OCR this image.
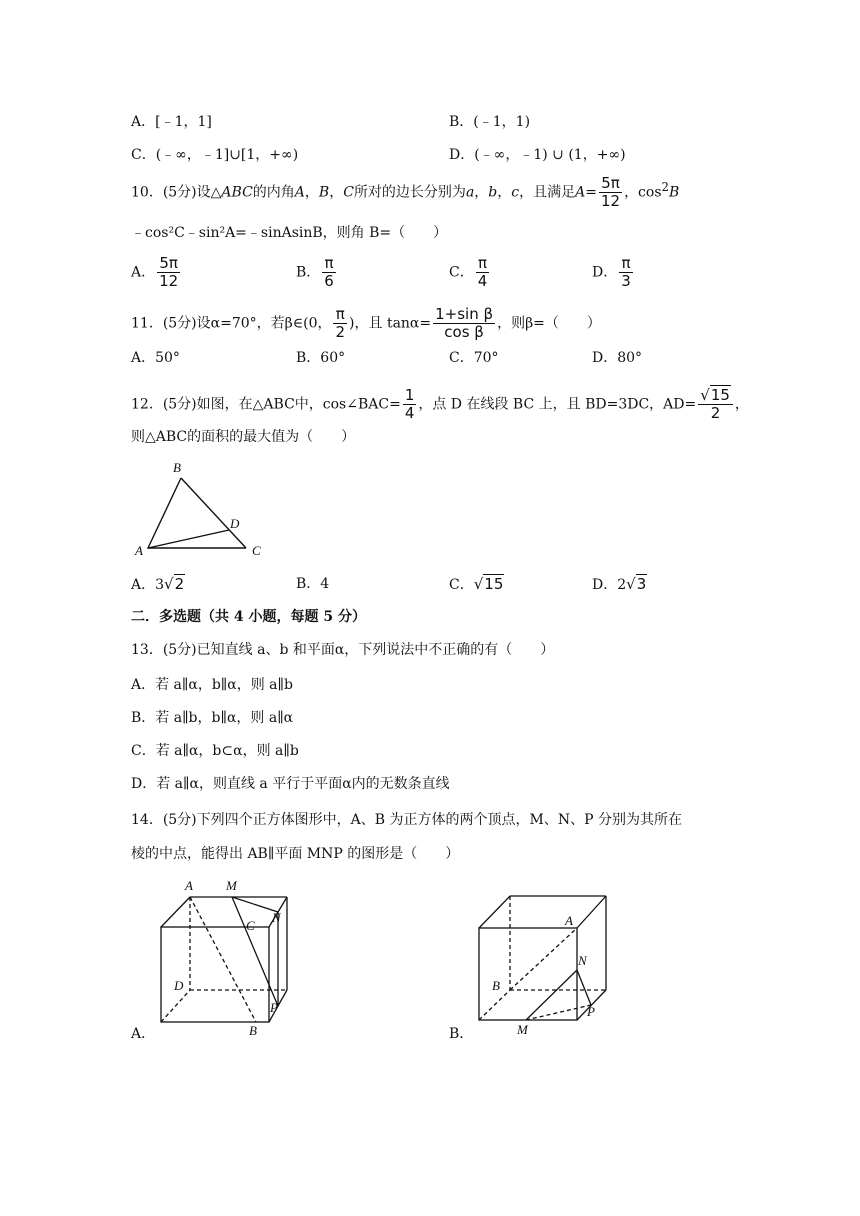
A．[﹣1，1]	B．(﹣1，1)
C．(﹣∞，﹣1]∪[1，+∞)	D．(﹣∞，﹣1) ∪ (1，+∞)
10．(5分)设△ABC的内角A，B，C所对的边长分别为a，b，c，且满足$A= \frac{5\pi}{12}$ ，$\cos^2B$
﹣cos²C﹣sin²A=﹣sinAsinB，则角 B=（　　）
A． $\frac{5\pi}{12}$	B． $\frac{\pi}{6}$	C． $\frac{\pi}{4}$	D． $\frac{\pi}{3}$
11．(5分)设α=70°，若β∈(0， $\frac{\pi}{2}$ )，且 $\tan\alpha= \frac{\text{1+sin β}}{\text{cos β}}$ ，则β=（　　）
A．50°	B．60°	C．70°	D．80°
12．(5分)如图，在△ABC中，cos∠BAC= $\frac{1}{4}$ ，点 D 在线段 BC 上，且 BD=3DC，$AD= \frac{√15}{2}$ ，
则△ABC的面积的最大值为（　　）
B
D
A	C
A．3√2	B．4	C．√15	D．2√3
二．多选题（共 4 小题，每题 5 分）
13．(5分)已知直线 a、b 和平面α，下列说法中不正确的有（　　）
A．若 a∥α，b∥α，则 a∥b
B．若 a∥b，b∥α，则 a∥α
C．若 a∥α，b⊂α，则 a∥b
D．若 a∥α，则直线 a 平行于平面α内的无数条直线
14．(5分)下列四个正方体图形中，A、B 为正方体的两个顶点，M、N、P 分别为其所在
棱的中点，能得出 AB∥平面 MNP 的图形是（　　）
A	M
C
N
D
P
B
A．
A
N
B
P
M
B．
